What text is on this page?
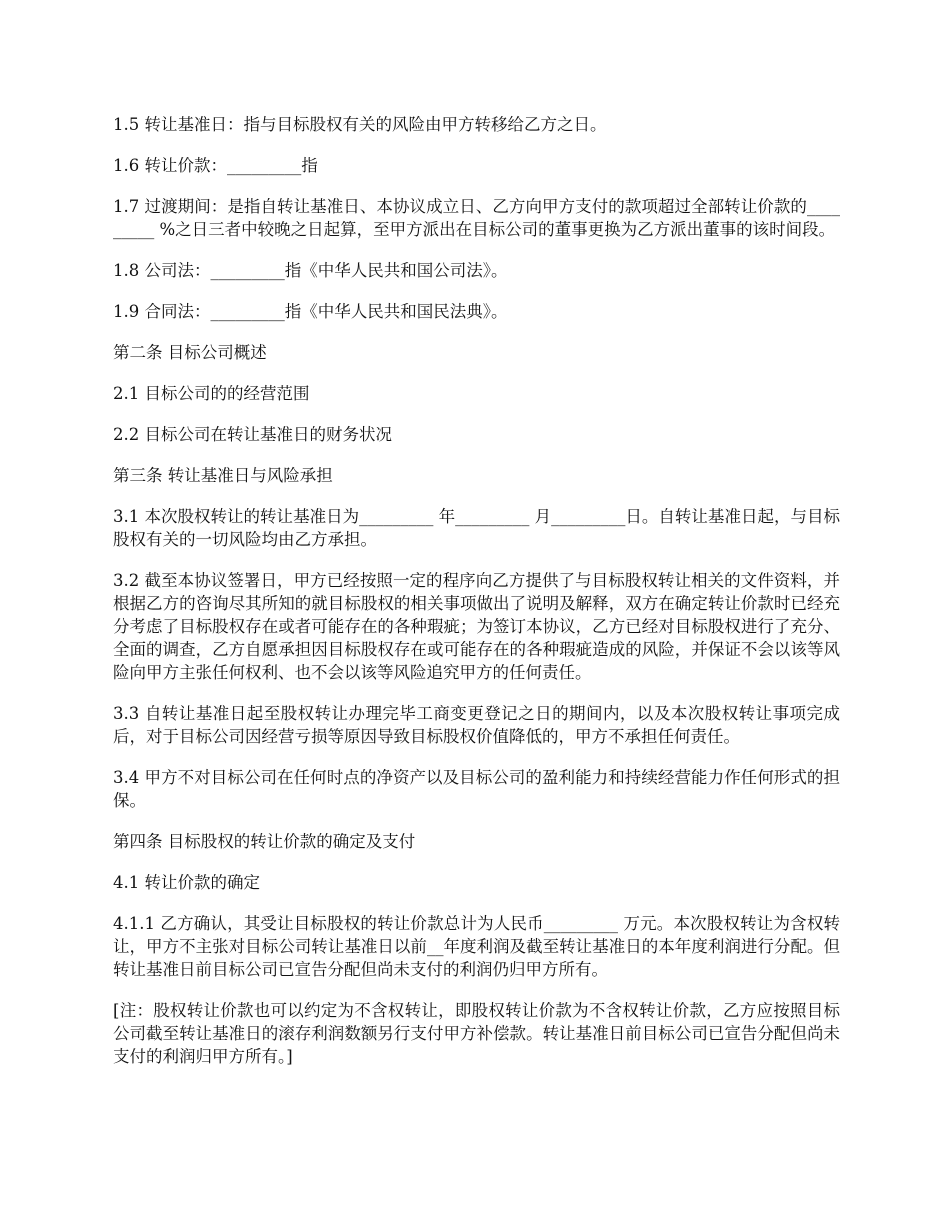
1.5 转让基准日：指与目标股权有关的风险由甲方转移给乙方之日。

1.6 转让价款：_________指

1.7 过渡期间：是指自转让基准日、本协议成立日、乙方向甲方支付的款项超过全部转让价款的_________ %之日三者中较晚之日起算，至甲方派出在目标公司的董事更换为乙方派出董事的该时间段。

1.8 公司法：_________指《中华人民共和国公司法》。

1.9 合同法：_________指《中华人民共和国民法典》。

第二条 目标公司概述

2.1 目标公司的的经营范围

2.2 目标公司在转让基准日的财务状况

第三条 转让基准日与风险承担

3.1 本次股权转让的转让基准日为_________ 年_________ 月_________日。自转让基准日起，与目标股权有关的一切风险均由乙方承担。

3.2 截至本协议签署日，甲方已经按照一定的程序向乙方提供了与目标股权转让相关的文件资料，并根据乙方的咨询尽其所知的就目标股权的相关事项做出了说明及解释，双方在确定转让价款时已经充分考虑了目标股权存在或者可能存在的各种瑕疵；为签订本协议，乙方已经对目标股权进行了充分、全面的调查，乙方自愿承担因目标股权存在或可能存在的各种瑕疵造成的风险，并保证不会以该等风险向甲方主张任何权利、也不会以该等风险追究甲方的任何责任。

3.3 自转让基准日起至股权转让办理完毕工商变更登记之日的期间内，以及本次股权转让事项完成后，对于目标公司因经营亏损等原因导致目标股权价值降低的，甲方不承担任何责任。

3.4 甲方不对目标公司在任何时点的净资产以及目标公司的盈利能力和持续经营能力作任何形式的担保。

第四条 目标股权的转让价款的确定及支付

4.1 转让价款的确定

4.1.1 乙方确认，其受让目标股权的转让价款总计为人民币_________ 万元。本次股权转让为含权转让，甲方不主张对目标公司转让基准日以前__年度利润及截至转让基准日的本年度利润进行分配。但转让基准日前目标公司已宣告分配但尚未支付的利润仍归甲方所有。

[注：股权转让价款也可以约定为不含权转让，即股权转让价款为不含权转让价款，乙方应按照目标公司截至转让基准日的滚存利润数额另行支付甲方补偿款。转让基准日前目标公司已宣告分配但尚未支付的利润归甲方所有。]
